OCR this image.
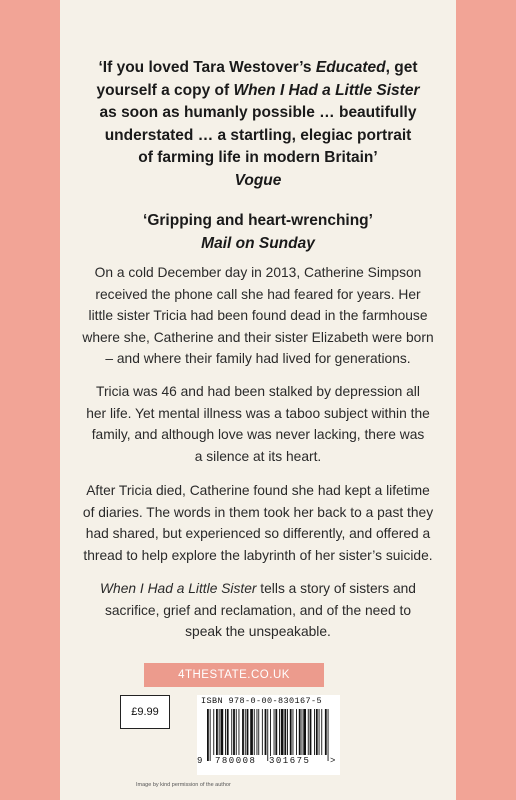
‘If you loved Tara Westover’s Educated, get
yourself a copy of When I Had a Little Sister
as soon as humanly possible … beautifully
understated … a startling, elegiac portrait
of farming life in modern Britain’
Vogue
‘Gripping and heart-wrenching’
Mail on Sunday
On a cold December day in 2013, Catherine Simpson
received the phone call she had feared for years. Her
little sister Tricia had been found dead in the farmhouse
where she, Catherine and their sister Elizabeth were born
– and where their family had lived for generations.
Tricia was 46 and had been stalked by depression all
her life. Yet mental illness was a taboo subject within the
family, and although love was never lacking, there was
a silence at its heart.
After Tricia died, Catherine found she had kept a lifetime
of diaries. The words in them took her back to a past they
had shared, but experienced so differently, and offered a
thread to help explore the labyrinth of her sister’s suicide.
When I Had a Little Sister tells a story of sisters and
sacrifice, grief and reclamation, and of the need to
speak the unspeakable.
4THESTATE.CO.UK
£9.99
ISBN 978-0-00-830167-5
9 780008 301675 >
Image by kind permission of the author
